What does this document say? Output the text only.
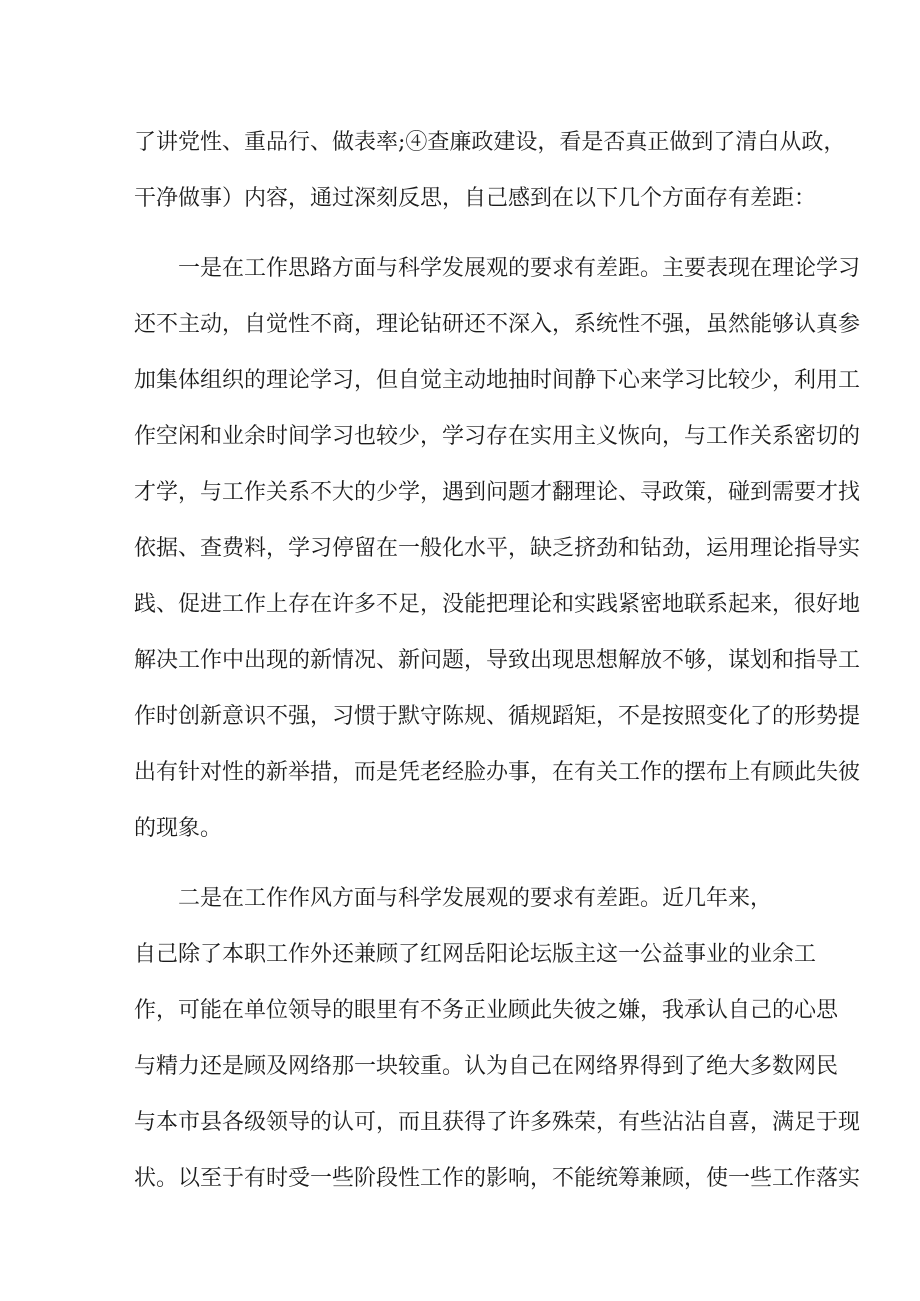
了讲党性、重品行、做表率;④查廉政建设，看是否真正做到了清白从政，
干净做事）内容，通过深刻反思，自己感到在以下几个方面存有差距：
一是在工作思路方面与科学发展观的要求有差距。主要表现在理论学习
还不主动，自觉性不商，理论钻研还不深入，系统性不强，虽然能够认真参
加集体组织的理论学习，但自觉主动地抽时间静下心来学习比较少，利用工
作空闲和业余时间学习也较少，学习存在实用主义恢向，与工作关系密切的
才学，与工作关系不大的少学，遇到问题才翻理论、寻政策，碰到需要才找
依据、查费料，学习停留在一般化水平，缺乏挤劲和钻劲，运用理论指导实
践、促进工作上存在许多不足，没能把理论和实践紧密地联系起来，很好地
解决工作中出现的新情况、新问题，导致出现思想解放不够，谋划和指导工
作时创新意识不强，习惯于默守陈规、循规蹈矩，不是按照变化了的形势提
出有针对性的新举措，而是凭老经脸办事，在有关工作的摆布上有顾此失彼
的现象。
二是在工作作风方面与科学发展观的要求有差距。近几年来，
自己除了本职工作外还兼顾了红网岳阳论坛版主这一公益事业的业余工
作，可能在单位领导的眼里有不务正业顾此失彼之嫌，我承认自己的心思
与精力还是顾及网络那一块较重。认为自己在网络界得到了绝大多数网民
与本市县各级领导的认可，而且获得了许多殊荣，有些沾沾自喜，满足于现
状。以至于有时受一些阶段性工作的影响，不能统筹兼顾，使一些工作落实
